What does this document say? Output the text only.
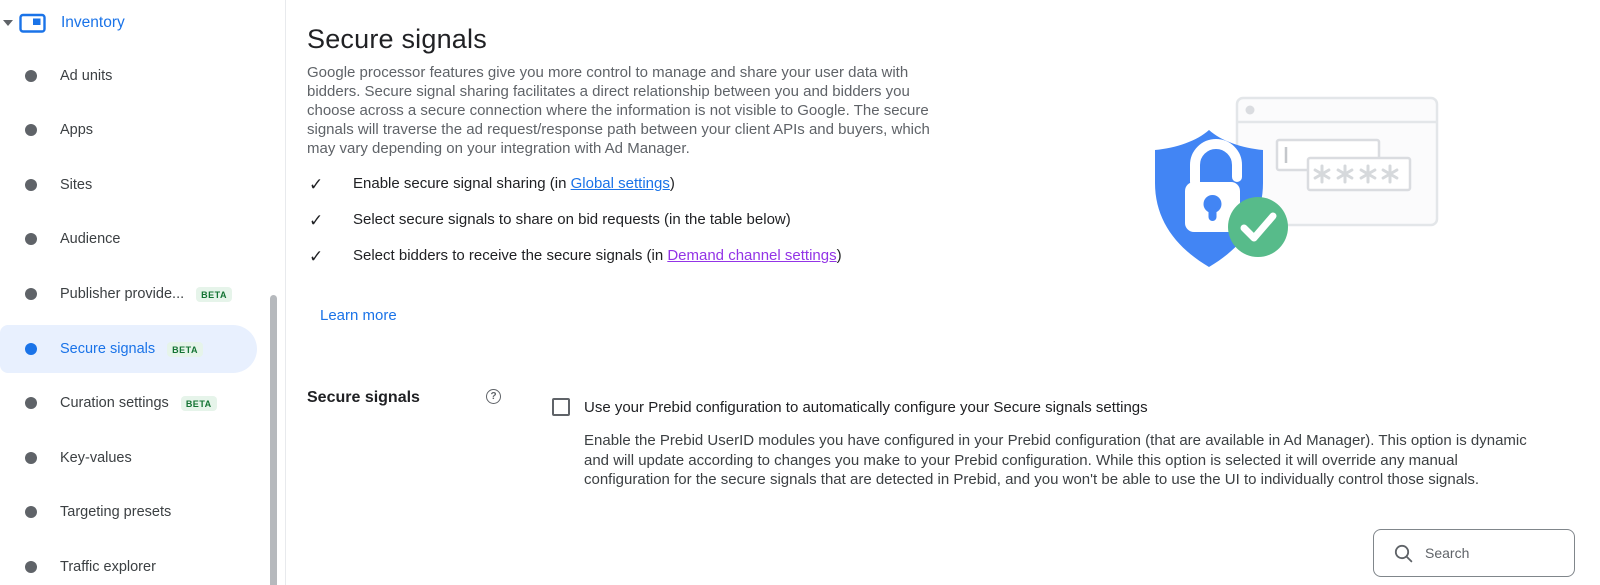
Inventory
Ad units
Apps
Sites
Audience
Publisher provide...	BETA
Secure signals	BETA
Curation settings	BETA
Key-values
Targeting presets
Traffic explorer
Secure signals

Google processor features give you more control to manage and share your user data with bidders. Secure signal sharing facilitates a direct relationship between you and bidders you choose across a secure connection where the information is not visible to Google. The secure signals will traverse the ad request/response path between your client APIs and buyers, which may vary depending on your integration with Ad Manager.

✓	Enable secure signal sharing (in Global settings)
✓	Select secure signals to share on bid requests (in the table below)
✓	Select bidders to receive the secure signals (in Demand channel settings)
Learn more
Secure signals	?
Use your Prebid configuration to automatically configure your Secure signals settings
Enable the Prebid UserID modules you have configured in your Prebid configuration (that are available in Ad Manager). This option is dynamic and will update according to changes you make to your Prebid configuration. While this option is selected it will override any manual configuration for the secure signals that are detected in Prebid, and you won't be able to use the UI to individually control those signals.
Search
